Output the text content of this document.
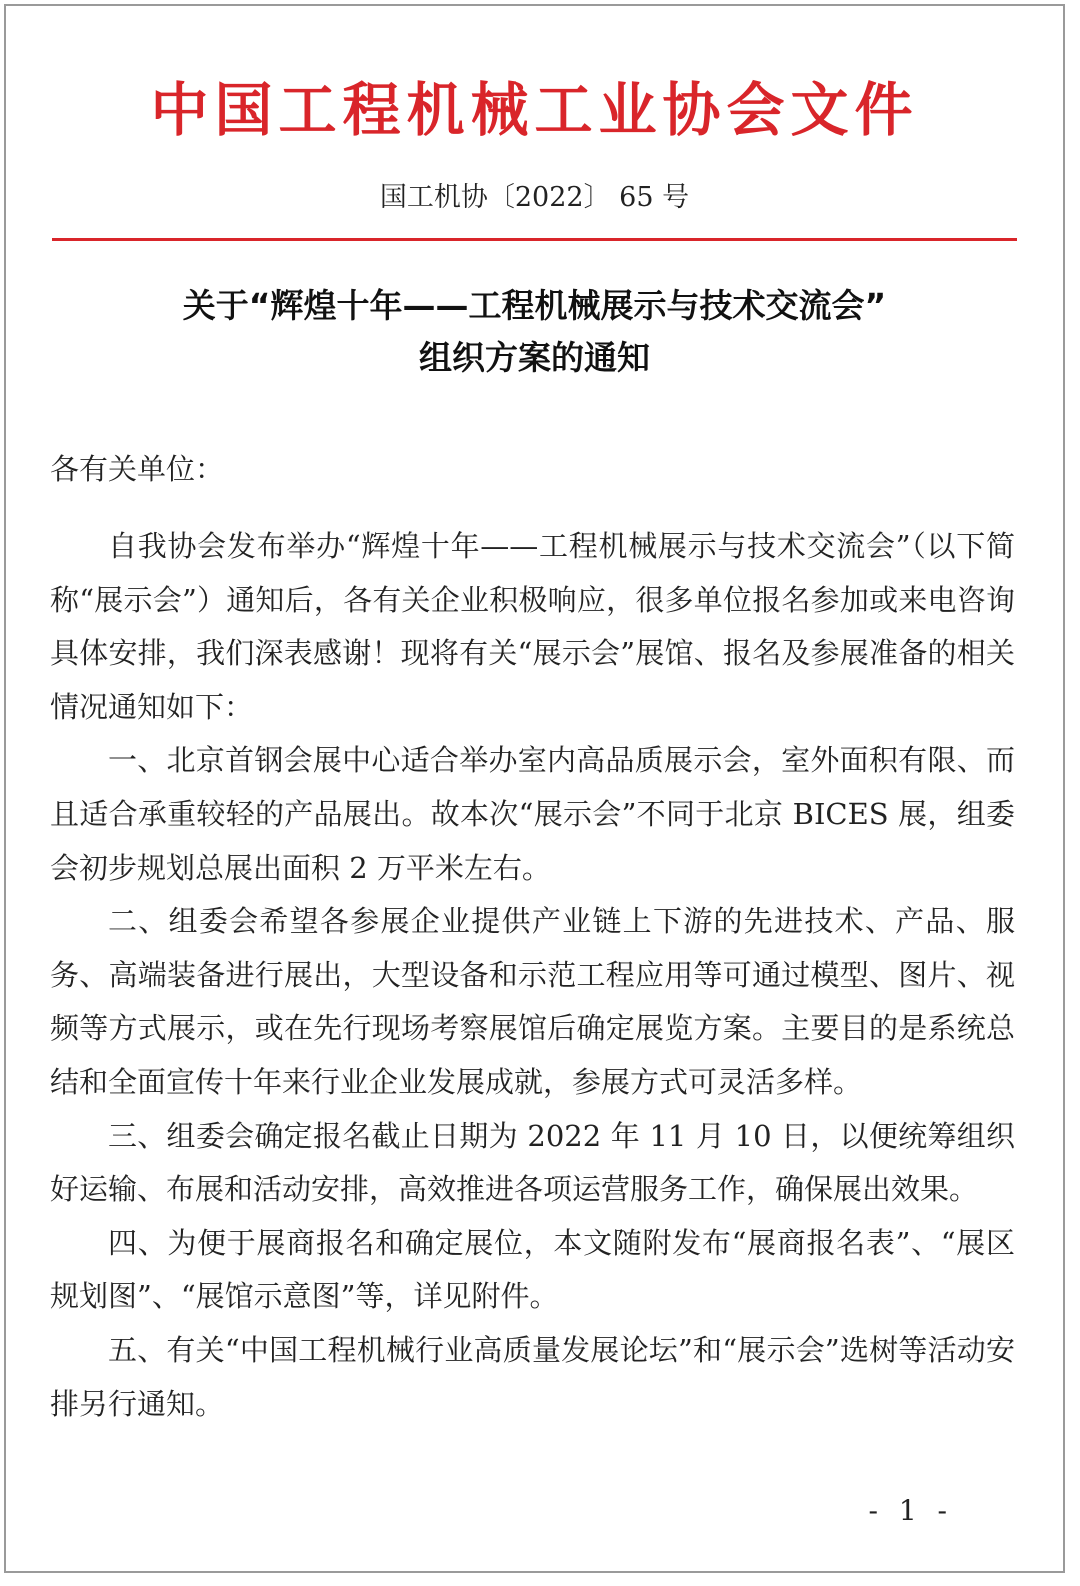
中国工程机械工业协会文件
国工机协〔2022〕 65 号
关于“辉煌十年——工程机械展示与技术交流会”
组织方案的通知
各有关单位：

自我协会发布举办“辉煌十年——工程机械展示与技术交流会”（以下简称“展示会”）通知后，各有关企业积极响应，很多单位报名参加或来电咨询具体安排，我们深表感谢！现将有关“展示会”展馆、报名及参展准备的相关情况通知如下：

一、北京首钢会展中心适合举办室内高品质展示会，室外面积有限、而且适合承重较轻的产品展出。故本次“展示会”不同于北京 BICES 展，组委会初步规划总展出面积 2 万平米左右。

二、组委会希望各参展企业提供产业链上下游的先进技术、产品、服务、高端装备进行展出，大型设备和示范工程应用等可通过模型、图片、视频等方式展示，或在先行现场考察展馆后确定展览方案。主要目的是系统总结和全面宣传十年来行业企业发展成就，参展方式可灵活多样。

三、组委会确定报名截止日期为 2022 年 11 月 10 日，以便统筹组织好运输、布展和活动安排，高效推进各项运营服务工作，确保展出效果。

四、为便于展商报名和确定展位，本文随附发布“展商报名表”、“展区规划图”、“展馆示意图”等，详见附件。

五、有关“中国工程机械行业高质量发展论坛”和“展示会”选树等活动安排另行通知。

- 1 -
